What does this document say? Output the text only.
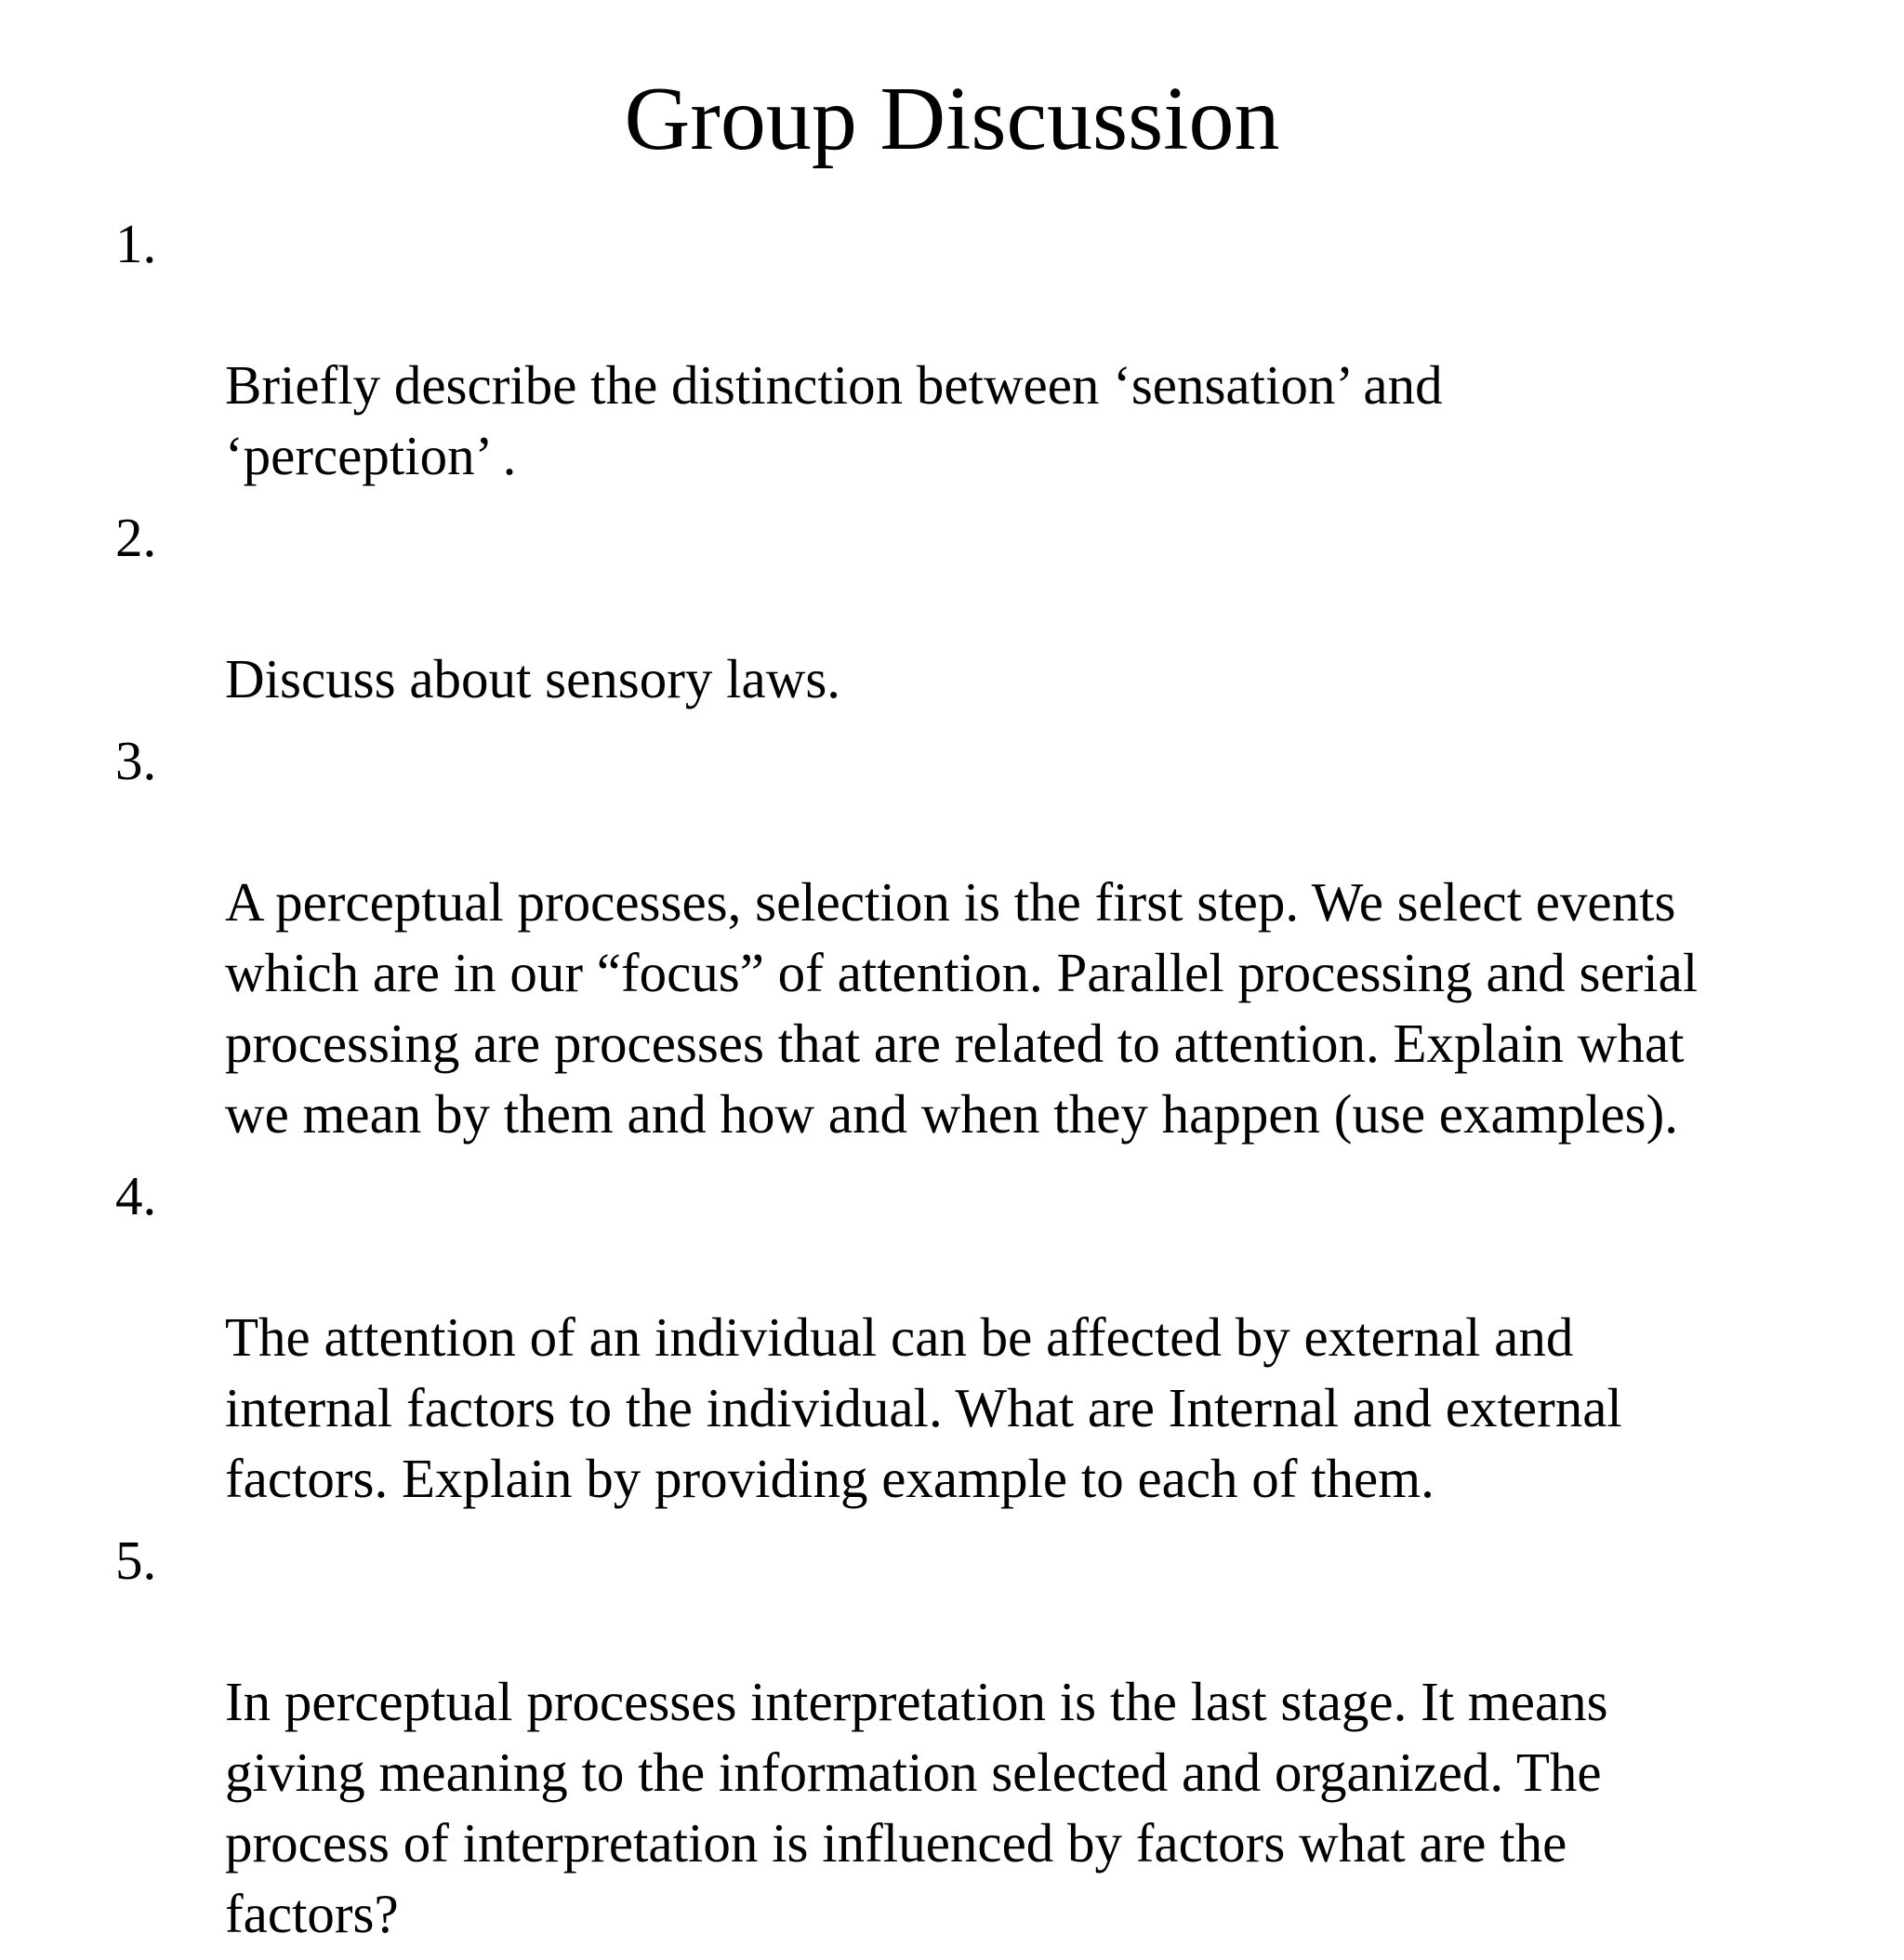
Group Discussion

1.

Briefly describe the distinction between ‘sensation’ and
‘perception’ .

2.

Discuss about sensory laws.

3.

A perceptual processes, selection is the first step. We select events
which are in our “focus” of attention. Parallel processing and serial
processing are processes that are related to attention. Explain what
we mean by them and how and when they happen (use examples).

4.

The attention of an individual can be affected by external and
internal factors to the individual. What are Internal and external
factors. Explain by providing example to each of them.

5.

In perceptual processes interpretation is the last stage. It means
giving meaning to the information selected and organized. The
process of interpretation is influenced by factors what are the
factors?
